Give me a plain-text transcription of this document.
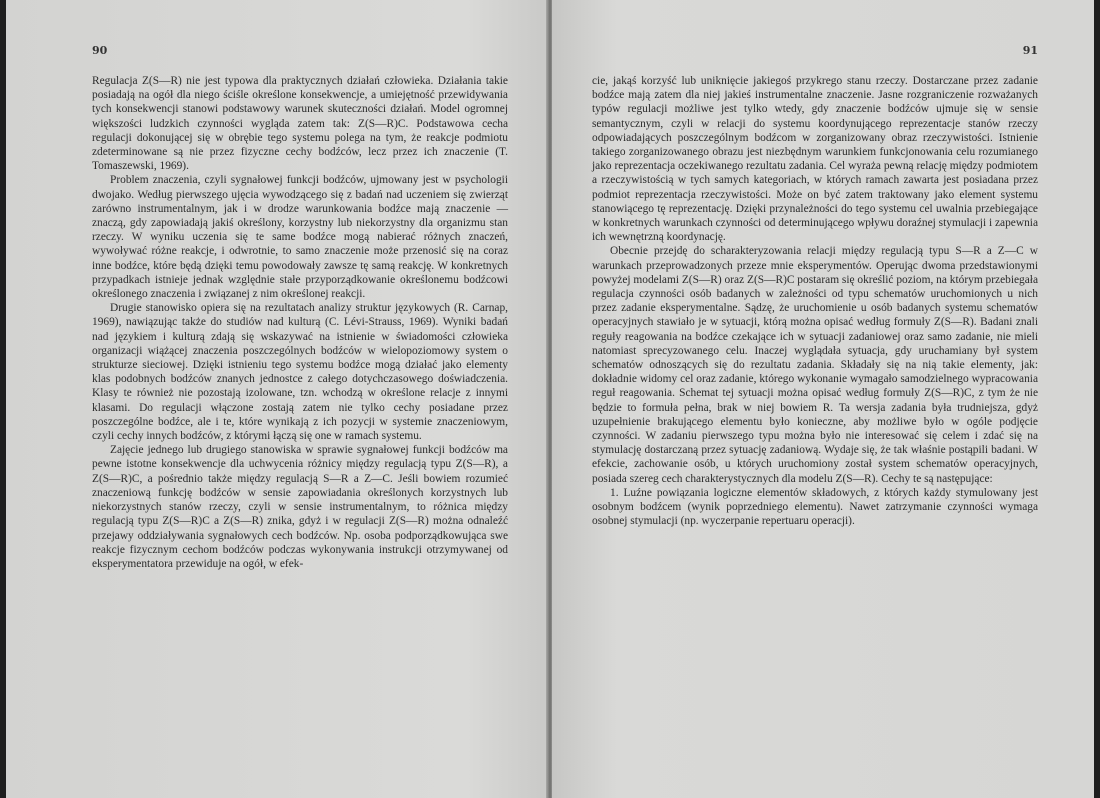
90

Regulacja Z(S—R) nie jest typowa dla praktycznych działań człowieka. Działania takie posiadają na ogół dla niego ściśle określone konsekwencje, a umiejętność przewidywania tych konsekwencji stanowi podstawowy warunek skuteczności działań. Model ogromnej większości ludzkich czynności wygląda zatem tak: Z(S—R)C. Podstawowa cecha regulacji dokonującej się w obrębie tego systemu polega na tym, że reakcje podmiotu zdeterminowane są nie przez fizyczne cechy bodźców, lecz przez ich znaczenie (T. Tomaszewski, 1969).

Problem znaczenia, czyli sygnałowej funkcji bodźców, ujmowany jest w psychologii dwojako. Według pierwszego ujęcia wywodzącego się z badań nad uczeniem się zwierząt zarówno instrumentalnym, jak i w drodze warunkowania bodźce mają znaczenie — znaczą, gdy zapowiadają jakiś określony, korzystny lub niekorzystny dla organizmu stan rzeczy. W wyniku uczenia się te same bodźce mogą nabierać różnych znaczeń, wywoływać różne reakcje, i odwrotnie, to samo znaczenie może przenosić się na coraz inne bodźce, które będą dzięki temu powodowały zawsze tę samą reakcję. W konkretnych przypadkach istnieje jednak względnie stałe przyporządkowanie określonemu bodźcowi określonego znaczenia i związanej z nim określonej reakcji.

Drugie stanowisko opiera się na rezultatach analizy struktur językowych (R. Carnap, 1969), nawiązując także do studiów nad kulturą (C. Lévi-Strauss, 1969). Wyniki badań nad językiem i kulturą zdają się wskazywać na istnienie w świadomości człowieka organizacji wiążącej znaczenia poszczególnych bodźców w wielopoziomowy system o strukturze sieciowej. Dzięki istnieniu tego systemu bodźce mogą działać jako elementy klas podobnych bodźców znanych jednostce z całego dotychczasowego doświadczenia. Klasy te również nie pozostają izolowane, tzn. wchodzą w określone relacje z innymi klasami. Do regulacji włączone zostają zatem nie tylko cechy posiadane przez poszczególne bodźce, ale i te, które wynikają z ich pozycji w systemie znaczeniowym, czyli cechy innych bodźców, z którymi łączą się one w ramach systemu.

Zajęcie jednego lub drugiego stanowiska w sprawie sygnałowej funkcji bodźców ma pewne istotne konsekwencje dla uchwycenia różnicy między regulacją typu Z(S—R), a Z(S—R)C, a pośrednio także między regulacją S—R a Z—C. Jeśli bowiem rozumieć znaczeniową funkcję bodźców w sensie zapowiadania określonych korzystnych lub niekorzystnych stanów rzeczy, czyli w sensie instrumentalnym, to różnica między regulacją typu Z(S—R)C a Z(S—R) znika, gdyż i w regulacji Z(S—R) można odnaleźć przejawy oddziaływania sygnałowych cech bodźców. Np. osoba podporządkowująca swe reakcje fizycznym cechom bodźców podczas wykonywania instrukcji otrzymywanej od eksperymentatora przewiduje na ogół, w efek-

91

cie, jakąś korzyść lub uniknięcie jakiegoś przykrego stanu rzeczy. Dostarczane przez zadanie bodźce mają zatem dla niej jakieś instrumentalne znaczenie. Jasne rozgraniczenie rozważanych typów regulacji możliwe jest tylko wtedy, gdy znaczenie bodźców ujmuje się w sensie semantycznym, czyli w relacji do systemu koordynującego reprezentacje stanów rzeczy odpowiadających poszczególnym bodźcom w zorganizowany obraz rzeczywistości. Istnienie takiego zorganizowanego obrazu jest niezbędnym warunkiem funkcjonowania celu rozumianego jako reprezentacja oczekiwanego rezultatu zadania. Cel wyraża pewną relację między podmiotem a rzeczywistością w tych samych kategoriach, w których ramach zawarta jest posiadana przez podmiot reprezentacja rzeczywistości. Może on być zatem traktowany jako element systemu stanowiącego tę reprezentację. Dzięki przynależności do tego systemu cel uwalnia przebiegające w konkretnych warunkach czynności od determinującego wpływu doraźnej stymulacji i zapewnia ich wewnętrzną koordynację.

Obecnie przejdę do scharakteryzowania relacji między regulacją typu S—R a Z—C w warunkach przeprowadzonych przeze mnie eksperymentów. Operując dwoma przedstawionymi powyżej modelami Z(S—R) oraz Z(S—R)C postaram się określić poziom, na którym przebiegała regulacja czynności osób badanych w zależności od typu schematów uruchomionych u nich przez zadanie eksperymentalne. Sądzę, że uruchomienie u osób badanych systemu schematów operacyjnych stawiało je w sytuacji, którą można opisać według formuły Z(S—R). Badani znali reguły reagowania na bodźce czekające ich w sytuacji zadaniowej oraz samo zadanie, nie mieli natomiast sprecyzowanego celu. Inaczej wyglądała sytuacja, gdy uruchamiany był system schematów odnoszących się do rezultatu zadania. Składały się na nią takie elementy, jak: dokładnie widomy cel oraz zadanie, którego wykonanie wymagało samodzielnego wypracowania reguł reagowania. Schemat tej sytuacji można opisać według formuły Z(S—R)C, z tym że nie będzie to formuła pełna, brak w niej bowiem R. Ta wersja zadania była trudniejsza, gdyż uzupełnienie brakującego elementu było konieczne, aby możliwe było w ogóle podjęcie czynności. W zadaniu pierwszego typu można było nie interesować się celem i zdać się na stymulację dostarczaną przez sytuację zadaniową. Wydaje się, że tak właśnie postąpili badani. W efekcie, zachowanie osób, u których uruchomiony został system schematów operacyjnych, posiada szereg cech charakterystycznych dla modelu Z(S—R). Cechy te są następujące:

1. Luźne powiązania logiczne elementów składowych, z których każdy stymulowany jest osobnym bodźcem (wynik poprzedniego elementu). Nawet zatrzymanie czynności wymaga osobnej stymulacji (np. wyczerpanie repertuaru operacji).
